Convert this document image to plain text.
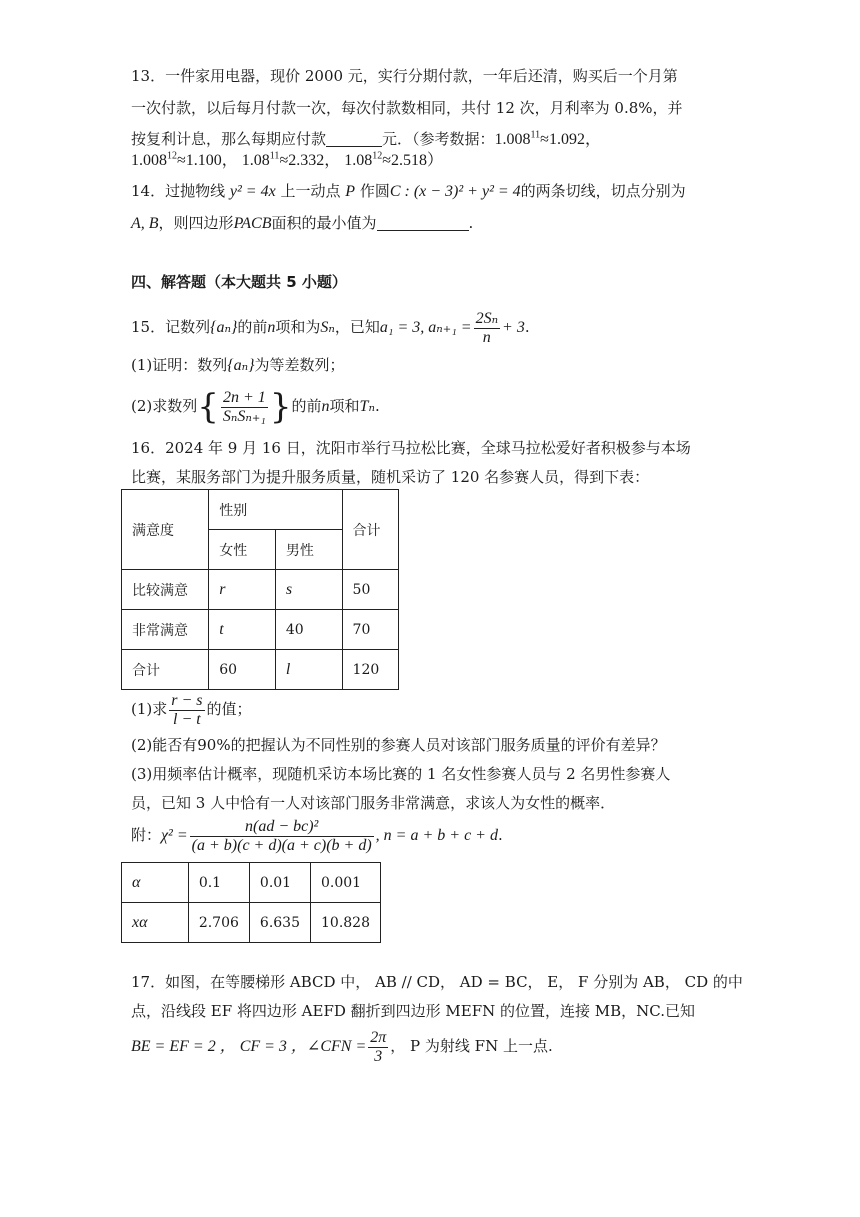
13．一件家用电器，现价 2000 元，实行分期付款，一年后还清，购买后一个月第
一次付款，以后每月付款一次，每次付款数相同，共付 12 次，月利率为 0.8%，并
按复利计息，那么每期应付款	元．（参考数据：$1.008^{11}\approx 1.092$，
$1.008^{12}\approx 1.100$， $1.08^{11}\approx 2.332$， $1.08^{12}\approx 2.518$）
14．过抛物线 y² = 4x 上一动点 P 作圆C : (x − 3)² + y² = 4的两条切线，切点分别为
A, B，则四边形PACB面积的最小值为	.
四、解答题（本大题共 5 小题）
15．记数列{aₙ}的前n项和为Sₙ，已知a₁ = 3, $a_{n+1} = \frac{\text{2Sₙ}}{n} + 3$.
(1)证明：数列{aₙ}为等差数列；
(2)求数列{ $\frac{2n + 1}{\text{SₙSₙ₊₁}}$ }的前n项和Tₙ.
16．2024 年 9 月 16 日，沈阳市举行马拉松比赛，全球马拉松爱好者积极参与本场
比赛，某服务部门为提升服务质量，随机采访了 120 名参赛人员，得到下表：
满意度	性别		合计
	女性	男性	
比较满意	r	s	50
非常满意	t	40	70
合计	60	l	120
(1)求 $\frac{r - s}{l - t}$ 的值；
(2)能否有90%的把握认为不同性别的参赛人员对该部门服务质量的评价有差异？
(3)用频率估计概率，现随机采访本场比赛的 1 名女性参赛人员与 2 名男性参赛人
员，已知 3 人中恰有一人对该部门服务非常满意，求该人为女性的概率．
附：$\chi^2 = \frac{\text{n(ad − bc)²}}{(a + b)(c + d)(a + c)(b + d)}$ , n = a + b + c + d.
α	0.1	0.01	0.001
xα	2.706	6.635	10.828
17．如图，在等腰梯形 ABCD 中， AB // CD， AD = BC， E， F 分别为 AB， CD 的中
点，沿线段 EF 将四边形 AEFD 翻折到四边形 MEFN 的位置，连接 MB，NC.已知
BE = EF = 2 ， CF = 3 ，∠CFN = $\frac{2\pi}{3}$ ， P 为射线 FN 上一点.
